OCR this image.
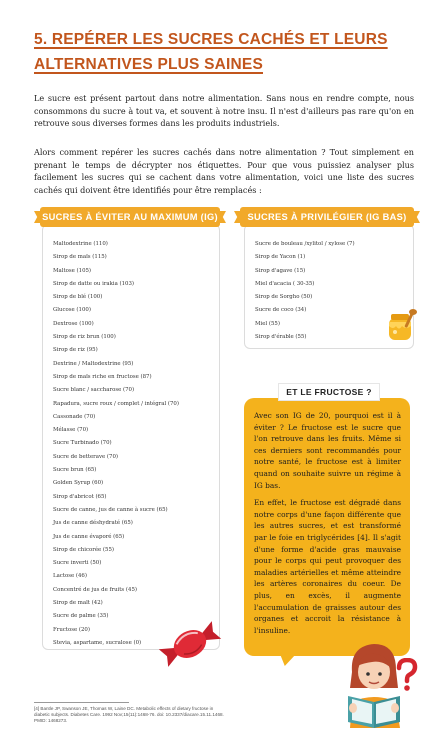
5. REPÉRER LES SUCRES CACHÉS ET LEURS
ALTERNATIVES PLUS SAINES

Le sucre est présent partout dans notre alimentation. Sans nous en rendre compte, nous consommons du sucre à tout va, et souvent à notre insu. Il n'est d'ailleurs pas rare qu'on en retrouve sous diverses formes dans les produits industriels.

Alors comment repérer les sucres cachés dans notre alimentation ? Tout simplement en prenant le temps de décrypter nos étiquettes. Pour que vous puissiez analyser plus facilement les sucres qui se cachent dans votre alimentation, voici une liste des sucres cachés qui doivent être identifiés pour être remplacés :

Maltodextrine (110)
Sirop de maïs (115)
Maltose (105)
Sirop de datte ou irakia (103)
Sirop de blé (100)
Glucose (100)
Dextrose (100)
Sirop de riz brun (100)
Sirop de riz (95)
Dextrine / Maltodextrine (95)
Sirop de maïs riche en fructose (87)
Sucre blanc / saccharose (70)
Rapadura, sucre roux / complet / intégral (70)
Cassonade (70)
Mélasse (70)
Sucre Turbinado (70)
Sucre de betterave (70)
Sucre brun (65)
Golden Syrup (60)
Sirop d'abricot (65)
Sucre de canne, jus de canne à sucre (65)
Jus de canne déshydraté (65)
Jus de canne évaporé (65)
Sirop de chicorée (55)
Sucre inverti (50)
Lactose (46)
Concentré de jus de fruits (45)
Sirop de malt (42)
Sucre de palme (35)
Fructose (20)
Stevia, aspartame, sucralose (0)
SUCRES À ÉVITER AU MAXIMUM (IG)
Sucre de bouleau /xylitol / xylose (7)
Sirop de Yacon (1)
Sirop d'agave (15)
Miel d'acacia ( 30-35)
Sirop de Sorgho (50)
Sucre de coco (34)
Miel (55)
Sirop d'érable (55)
SUCRES À PRIVILÉGIER (IG BAS)

Avec son IG de 20, pourquoi est il à éviter ? Le fructose est le sucre que l'on retrouve dans les fruits. Même si ces derniers sont recommandés pour notre santé, le fructose est à limiter quand on souhaite suivre un régime à IG bas.

En effet, le fructose est dégradé dans notre corps d'une façon différente que les autres sucres, et est transformé par le foie en triglycérides [4]. Il s'agit d'une forme d'acide gras mauvaise pour le corps qui peut provoquer des maladies artérielles et même atteindre les artères coronaires du coeur. De plus, en excès, il augmente l'accumulation de graisses autour des organes et accroit la résistance à l'insuline.

ET LE FRUCTOSE ?
[4] Bantle JP, Swanson JE, Thomas W, Laine DC. Metabolic effects of dietary fructose in diabetic subjects. Diabetes Care. 1992 Nov;15(11):1468-76. doi: 10.2337/diacare.15.11.1468. PMID: 1468273.
